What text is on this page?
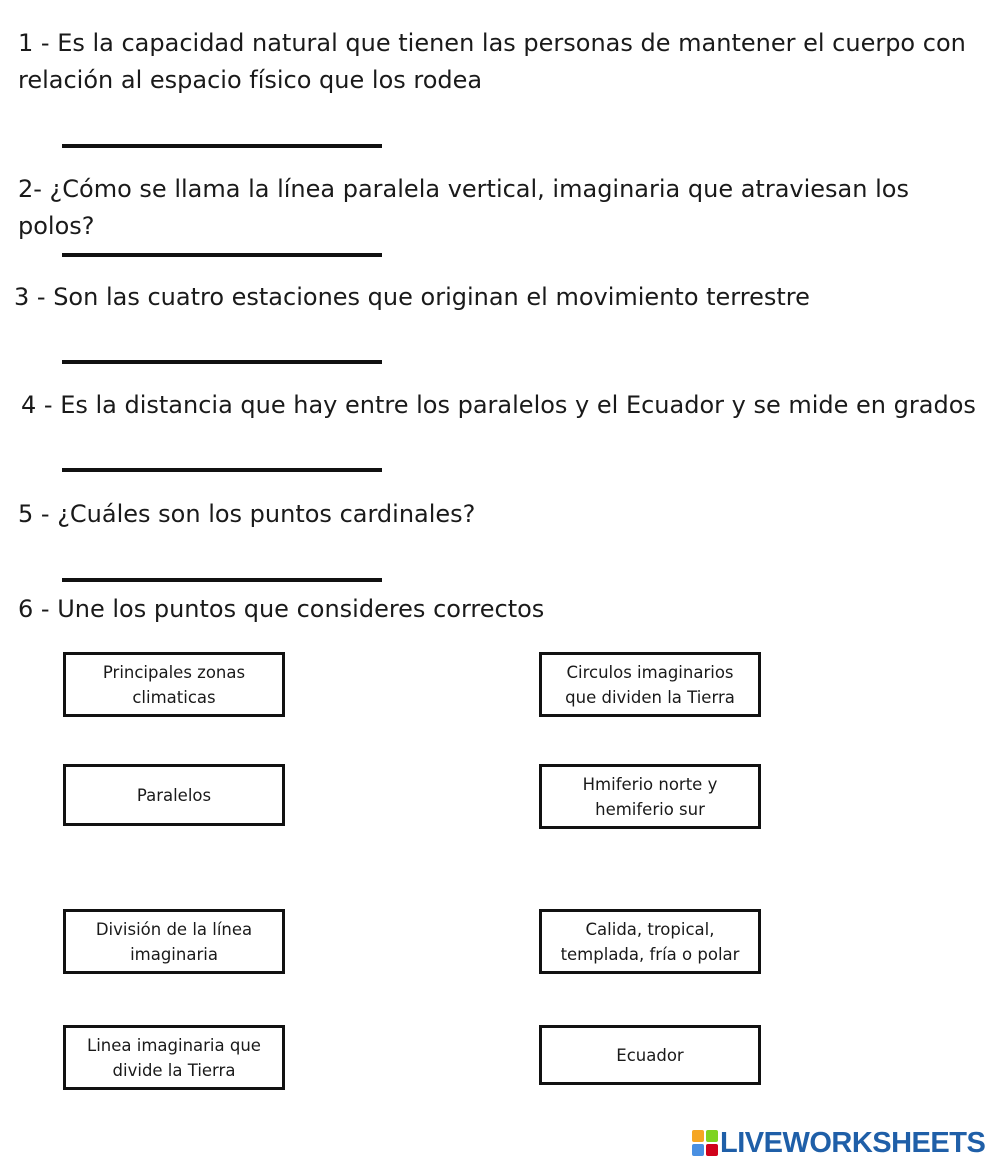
1 - Es la capacidad natural que tienen las personas de mantener el cuerpo con relación al espacio físico que los rodea

2- ¿Cómo se llama la línea paralela vertical, imaginaria que atraviesan los polos?

3 - Son las cuatro estaciones que originan el movimiento terrestre

4 - Es la distancia que hay entre los paralelos y el Ecuador y se mide en grados

5 - ¿Cuáles son los puntos cardinales?

6 - Une los puntos que consideres correctos

Principales zonas climaticas
Paralelos
División de la línea imaginaria
Linea imaginaria que divide la Tierra
Circulos imaginarios que dividen la Tierra
Hmiferio norte y hemiferio sur
Calida, tropical, templada, fría o polar
Ecuador
LIVEWORKSHEETS
